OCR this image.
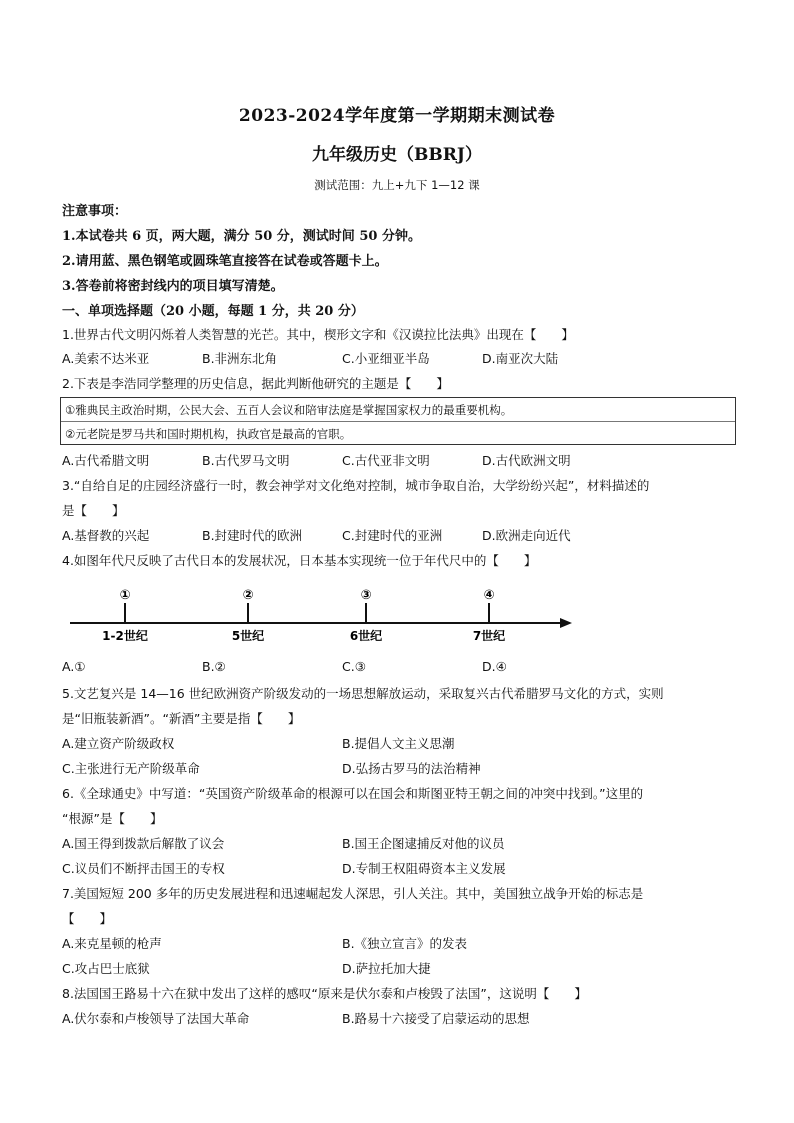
2023-2024学年度第一学期期末测试卷
九年级历史（BBRJ）
测试范围：九上+九下 1—12 课
注意事项：
1.本试卷共 6 页，两大题，满分 50 分，测试时间 50 分钟。
2.请用蓝、黑色钢笔或圆珠笔直接答在试卷或答题卡上。
3.答卷前将密封线内的项目填写清楚。
一、单项选择题（20 小题，每题 1 分，共 20 分）
1.世界古代文明闪烁着人类智慧的光芒。其中，楔形文字和《汉谟拉比法典》出现在【　　】
A.美索不达米亚	B.非洲东北角	C.小亚细亚半岛	D.南亚次大陆
2.下表是李浩同学整理的历史信息，据此判断他研究的主题是【　　】
①雅典民主政治时期，公民大会、五百人会议和陪审法庭是掌握国家权力的最重要机构。
②元老院是罗马共和国时期机构，执政官是最高的官职。
A.古代希腊文明	B.古代罗马文明	C.古代亚非文明	D.古代欧洲文明
3.“自给自足的庄园经济盛行一时，教会神学对文化绝对控制，城市争取自治，大学纷纷兴起”，材料描述的
是【　　】
A.基督教的兴起	B.封建时代的欧洲	C.封建时代的亚洲	D.欧洲走向近代
4.如图年代尺反映了古代日本的发展状况，日本基本实现统一位于年代尺中的【　　】
①	②	③	④
1-2世纪	5世纪	6世纪	7世纪
A.①	B.②	C.③	D.④
5.文艺复兴是 14—16 世纪欧洲资产阶级发动的一场思想解放运动，采取复兴古代希腊罗马文化的方式，实则
是“旧瓶装新酒”。“新酒”主要是指【　　】
A.建立资产阶级政权	B.提倡人文主义思潮
C.主张进行无产阶级革命	D.弘扬古罗马的法治精神
6.《全球通史》中写道：“英国资产阶级革命的根源可以在国会和斯图亚特王朝之间的冲突中找到。”这里的
“根源”是【　　】
A.国王得到拨款后解散了议会	B.国王企图逮捕反对他的议员
C.议员们不断抨击国王的专权	D.专制王权阻碍资本主义发展
7.美国短短 200 多年的历史发展进程和迅速崛起发人深思，引人关注。其中，美国独立战争开始的标志是
【　　】
A.来克星顿的枪声	B.《独立宣言》的发表
C.攻占巴士底狱	D.萨拉托加大捷
8.法国国王路易十六在狱中发出了这样的感叹“原来是伏尔泰和卢梭毁了法国”，这说明【　　】
A.伏尔泰和卢梭领导了法国大革命	B.路易十六接受了启蒙运动的思想
